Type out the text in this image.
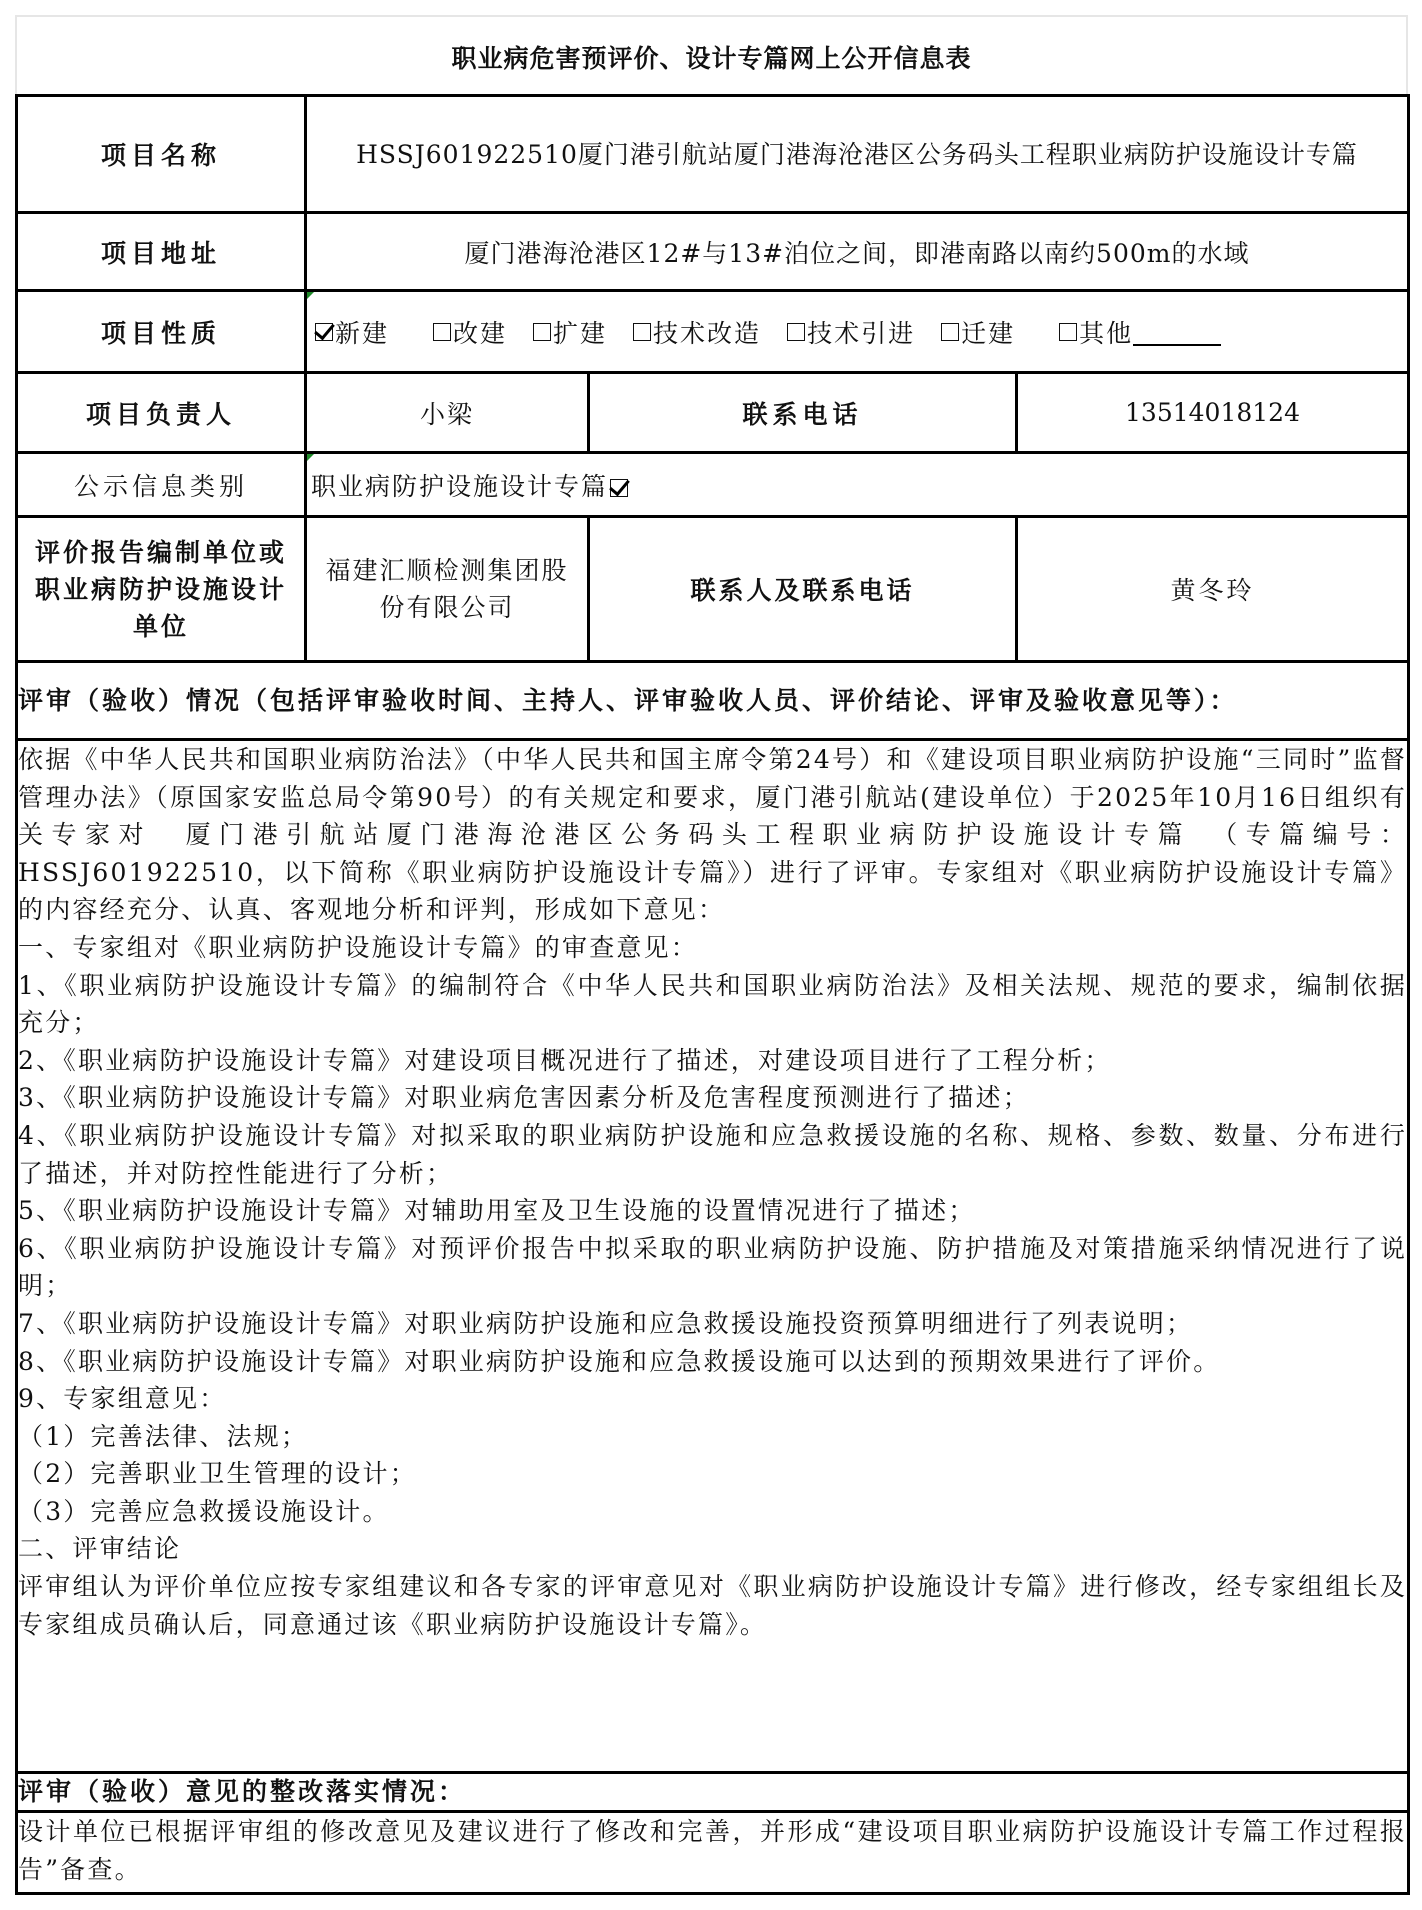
职业病危害预评价、设计专篇网上公开信息表
项目名称	HSSJ601922510厦门港引航站厦门港海沧港区公务码头工程职业病防护设施设计专篇		
项目地址	厦门港海沧港区12#与13#泊位之间，即港南路以南约500m的水域		
项目性质	新建	改建 扩建 技术改造 技术引进 迁建	其他

项目负责人	小梁	联系电话	13514018124
公示信息类别	职业病防护设施设计专篇		
评价报告编制单位或职业病防护设施设计单位	福建汇顺检测集团股份有限公司	联系人及联系电话	黄冬玲
评审（验收）情况（包括评审验收时间、主持人、评审验收人员、评价结论、评审及验收意见等）：			

依据《中华人民共和国职业病防治法》（中华人民共和国主席令第24号）和《建设项目职业病防护设施“三同时”监督管理办法》（原国家安监总局令第90号）的有关规定和要求，厦门港引航站(建设单位）于2025年10月16日组织有关专家对　厦门港引航站厦门港海沧港区公务码头工程职业病防护设施设计专篇　（专篇编号：HSSJ601922510，以下简称《职业病防护设施设计专篇》）进行了评审。专家组对《职业病防护设施设计专篇》的内容经充分、认真、客观地分析和评判，形成如下意见：

一、专家组对《职业病防护设施设计专篇》的审查意见：

1、《职业病防护设施设计专篇》的编制符合《中华人民共和国职业病防治法》及相关法规、规范的要求，编制依据充分；

2、《职业病防护设施设计专篇》对建设项目概况进行了描述，对建设项目进行了工程分析；

3、《职业病防护设施设计专篇》对职业病危害因素分析及危害程度预测进行了描述；

4、《职业病防护设施设计专篇》对拟采取的职业病防护设施和应急救援设施的名称、规格、参数、数量、分布进行了描述，并对防控性能进行了分析；

5、《职业病防护设施设计专篇》对辅助用室及卫生设施的设置情况进行了描述；

6、《职业病防护设施设计专篇》对预评价报告中拟采取的职业病防护设施、防护措施及对策措施采纳情况进行了说明；

7、《职业病防护设施设计专篇》对职业病防护设施和应急救援设施投资预算明细进行了列表说明；

8、《职业病防护设施设计专篇》对职业病防护设施和应急救援设施可以达到的预期效果进行了评价。

9、专家组意见：

（1）完善法律、法规；

（2）完善职业卫生管理的设计；

（3）完善应急救援设施设计。

二、评审结论

评审组认为评价单位应按专家组建议和各专家的评审意见对《职业病防护设施设计专篇》进行修改，经专家组组长及专家组成员确认后，同意通过该《职业病防护设施设计专篇》。

评审（验收）意见的整改落实情况：			
设计单位已根据评审组的修改意见及建议进行了修改和完善，并形成“建设项目职业病防护设施设计专篇工作过程报告”备查。			
